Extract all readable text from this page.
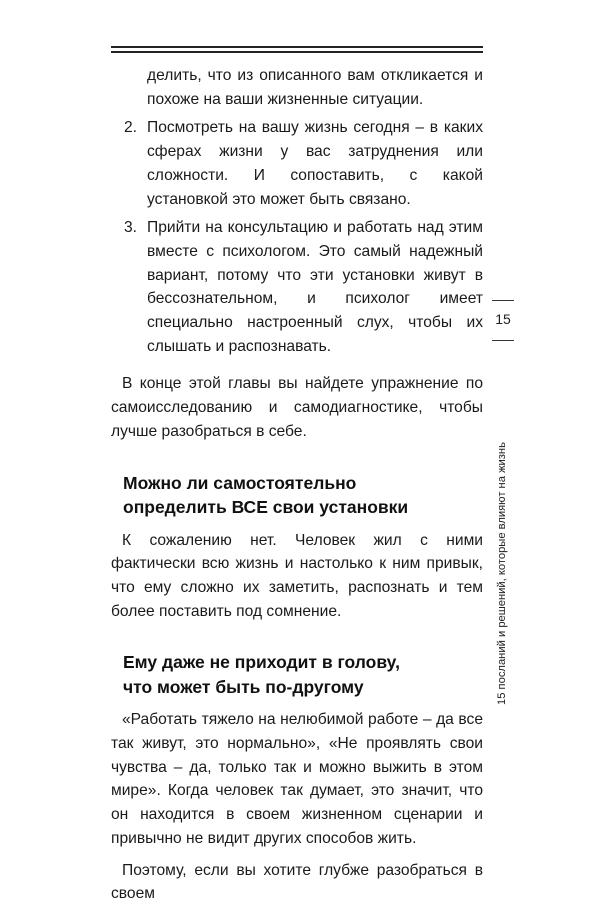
делить, что из описанного вам откликается и похоже на ваши жизненные ситуации.

2. Посмотреть на вашу жизнь сегодня – в каких сферах жизни у вас затруднения или сложности. И сопоставить, с какой установкой это может быть связано.

3. Прийти на консультацию и работать над этим вместе с психологом. Это самый надежный вариант, потому что эти установки живут в бессознательном, и психолог имеет специально настроенный слух, чтобы их слышать и распознавать.

В конце этой главы вы найдете упражнение по самоисследованию и самодиагностике, чтобы лучше разобраться в себе.

Можно ли самостоятельно
определить ВСЕ свои установки

К сожалению нет. Человек жил с ними фактически всю жизнь и настолько к ним привык, что ему сложно их заметить, распознать и тем более поставить под сомнение.

Ему даже не приходит в голову,
что может быть по-другому

«Работать тяжело на нелюбимой работе – да все так живут, это нормально», «Не проявлять свои чувства – да, только так и можно выжить в этом мире». Когда человек так думает, это значит, что он находится в своем жизненном сценарии и привычно не видит других способов жить.

Поэтому, если вы хотите глубже разобраться в своем

15
15 посланий и решений, которые влияют на жизнь
